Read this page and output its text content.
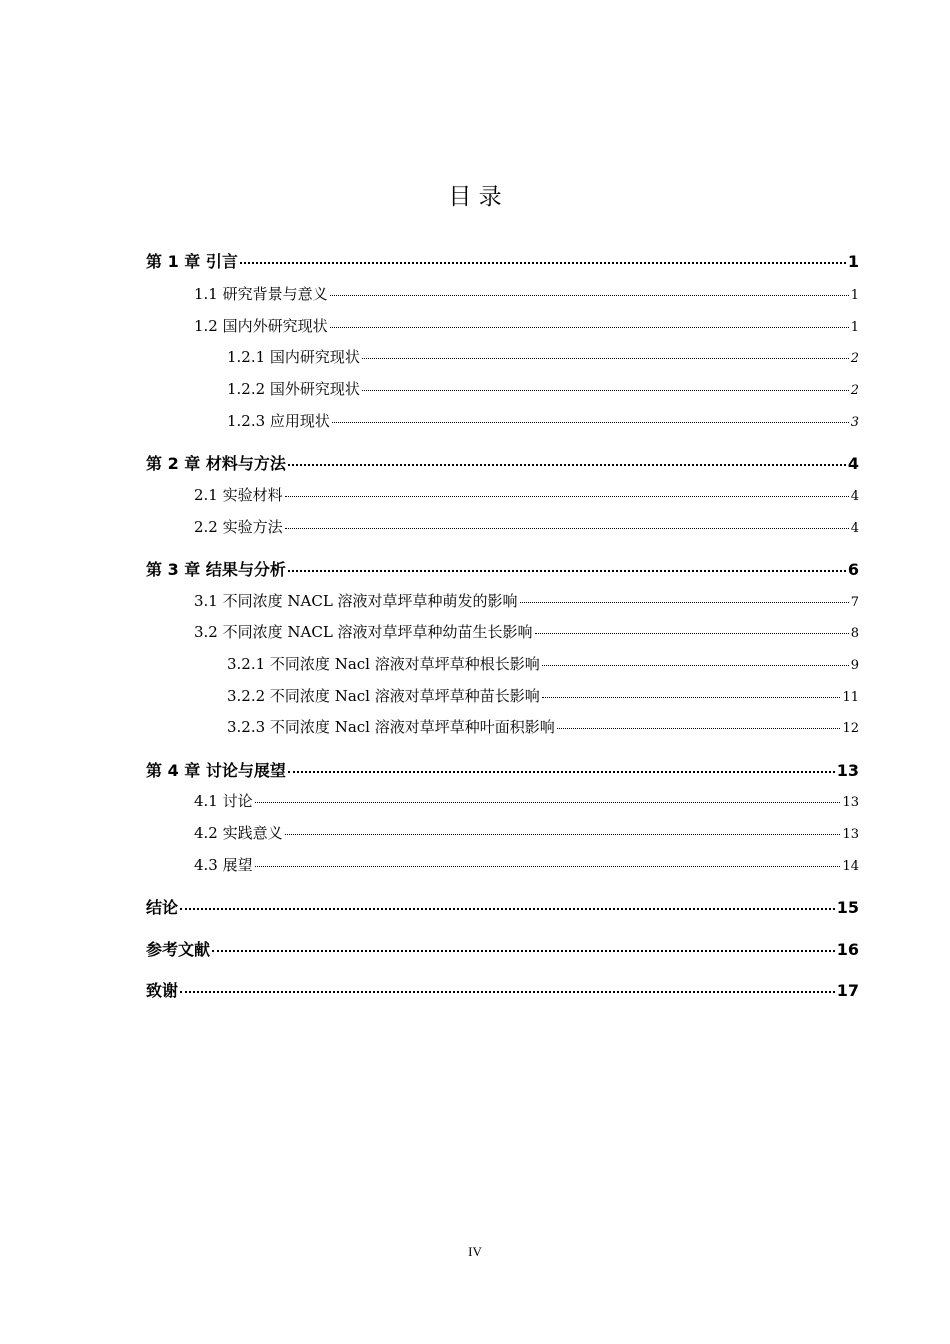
目 录
第 1 章 引言	1
1.1 研究背景与意义	1
1.2 国内外研究现状	1
1.2.1 国内研究现状	2
1.2.2 国外研究现状	2
1.2.3 应用现状	3
第 2 章 材料与方法	4
2.1 实验材料	4
2.2 实验方法	4
第 3 章 结果与分析	6
3.1 不同浓度 NACL 溶液对草坪草种萌发的影响	7
3.2 不同浓度 NACL 溶液对草坪草种幼苗生长影响	8
3.2.1 不同浓度 Nacl 溶液对草坪草种根长影响	9
3.2.2 不同浓度 Nacl 溶液对草坪草种苗长影响	11
3.2.3 不同浓度 Nacl 溶液对草坪草种叶面积影响	12
第 4 章 讨论与展望	13
4.1 讨论	13
4.2 实践意义	13
4.3 展望	14
结论	15
参考文献	16
致谢	17
IV
